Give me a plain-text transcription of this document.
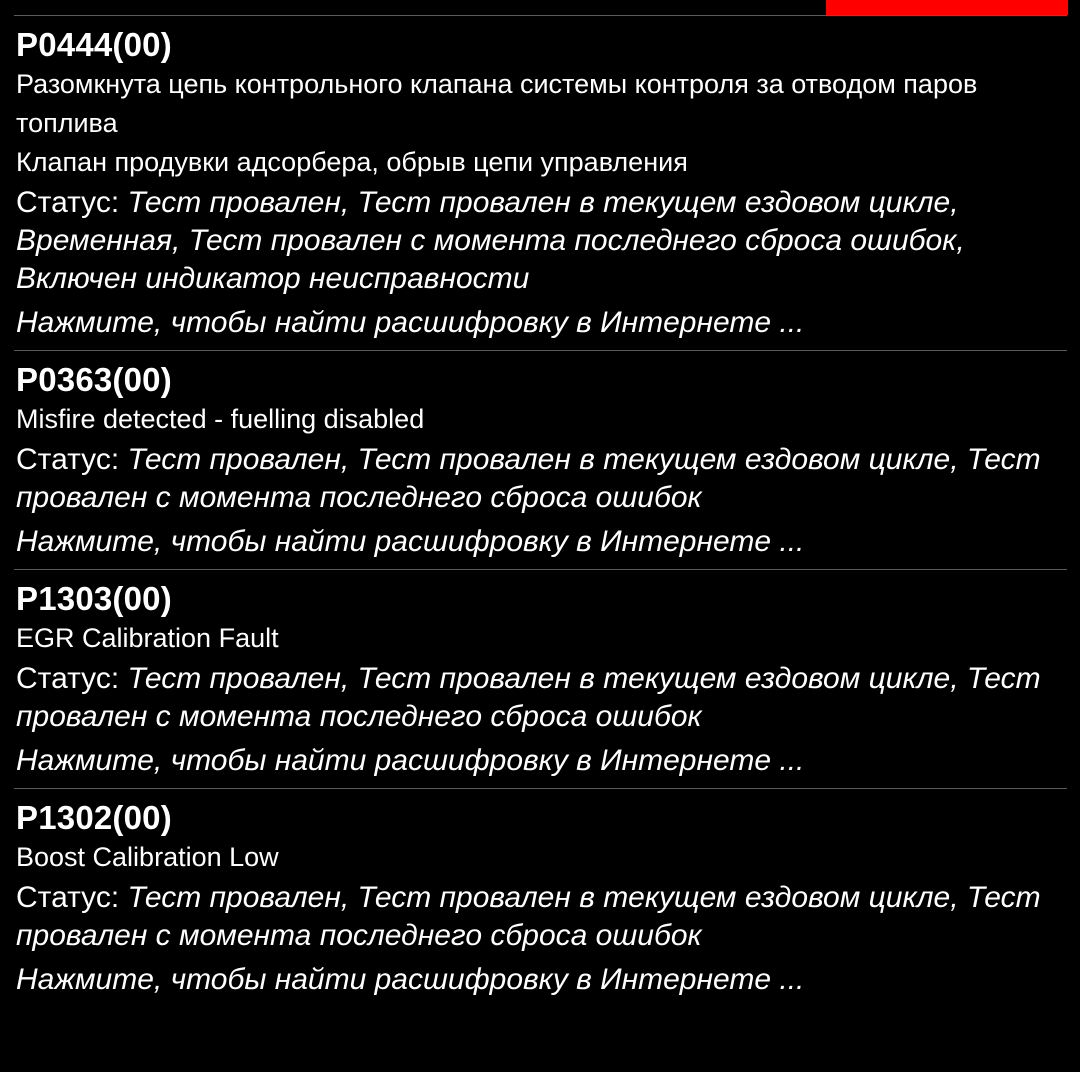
P0444(00)
Разомкнута цепь контрольного клапана системы контроля за отводом паров топлива
Клапан продувки адсорбера, обрыв цепи управления
Статус: Тест провален, Тест провален в текущем ездовом цикле, Временная, Тест провален с момента последнего сброса ошибок, Включен индикатор неисправности
Нажмите, чтобы найти расшифровку в Интернете ...
P0363(00)
Misfire detected - fuelling disabled
Статус: Тест провален, Тест провален в текущем ездовом цикле, Тест провален с момента последнего сброса ошибок
Нажмите, чтобы найти расшифровку в Интернете ...
P1303(00)
EGR Calibration Fault
Статус: Тест провален, Тест провален в текущем ездовом цикле, Тест провален с момента последнего сброса ошибок
Нажмите, чтобы найти расшифровку в Интернете ...
P1302(00)
Boost Calibration Low
Статус: Тест провален, Тест провален в текущем ездовом цикле, Тест провален с момента последнего сброса ошибок
Нажмите, чтобы найти расшифровку в Интернете ...
